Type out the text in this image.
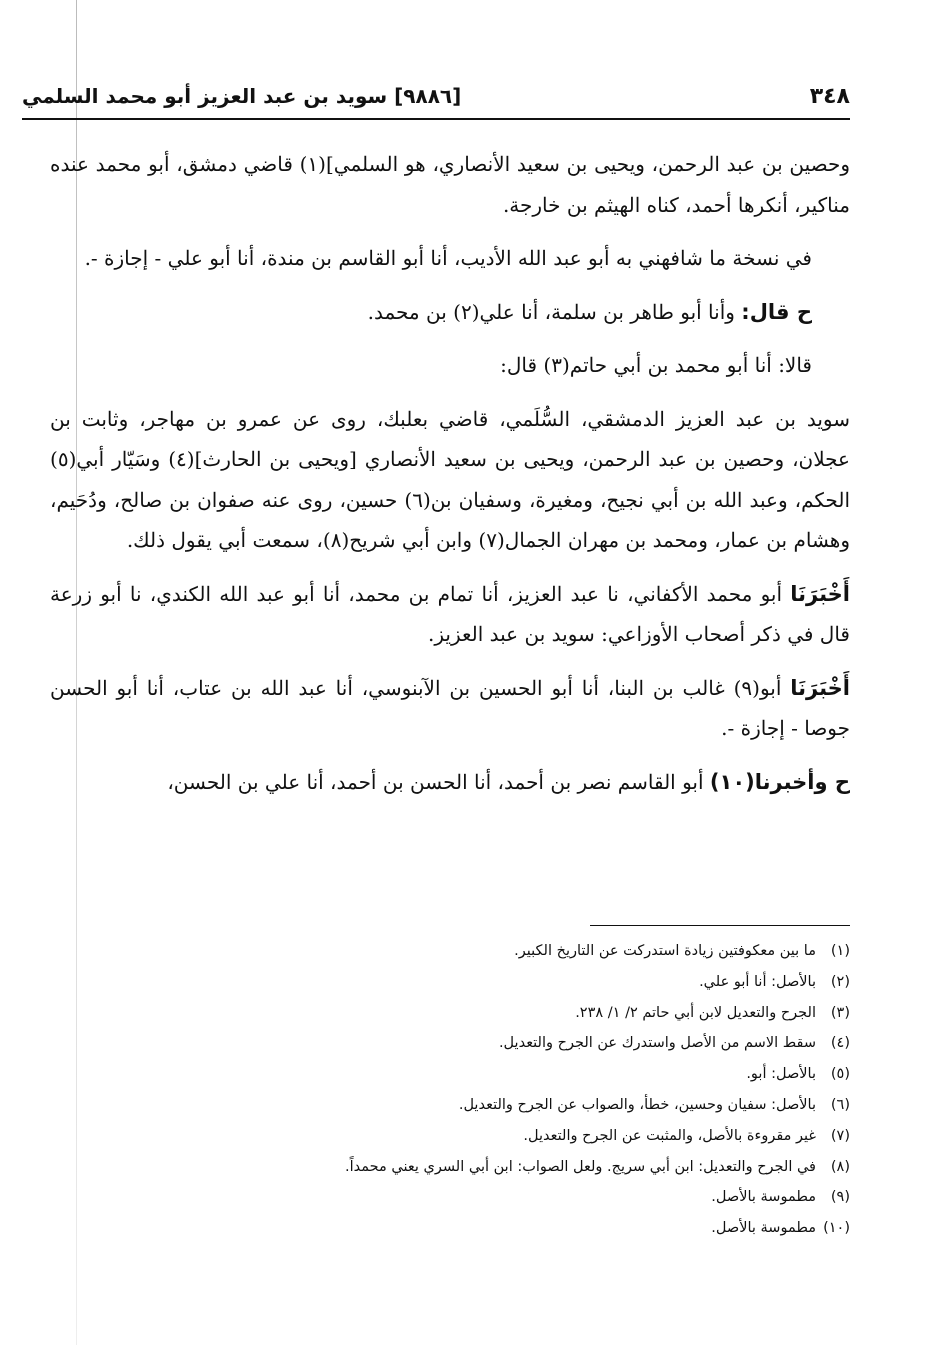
٣٤٨
[٩٨٨٦] سويد بن عبد العزيز أبو محمد السلمي

وحصين بن عبد الرحمن، ويحيى بن سعيد الأنصاري، هو السلمي](١) قاضي دمشق، أبو محمد عنده مناكير، أنكرها أحمد، كناه الهيثم بن خارجة.

في نسخة ما شافهني به أبو عبد الله الأديب، أنا أبو القاسم بن مندة، أنا أبو علي - إجازة -.

ح قال: وأنا أبو طاهر بن سلمة، أنا علي(٢) بن محمد.

قالا: أنا أبو محمد بن أبي حاتم(٣) قال:

سويد بن عبد العزيز الدمشقي، السُّلَمي، قاضي بعلبك، روى عن عمرو بن مهاجر، وثابت بن عجلان، وحصين بن عبد الرحمن، ويحيى بن سعيد الأنصاري [ويحيى بن الحارث](٤) وسَيّار أبي(٥) الحكم، وعبد الله بن أبي نجيح، ومغيرة، وسفيان بن(٦) حسين، روى عنه صفوان بن صالح، ودُحَيم، وهشام بن عمار، ومحمد بن مهران الجمال(٧) وابن أبي شريح(٨)، سمعت أبي يقول ذلك.

أَخْبَرَنَا أبو محمد الأكفاني، نا عبد العزيز، أنا تمام بن محمد، أنا أبو عبد الله الكندي، نا أبو زرعة قال في ذكر أصحاب الأوزاعي: سويد بن عبد العزيز.

أَخْبَرَنَا أبو(٩) غالب بن البنا، أنا أبو الحسين بن الآبنوسي، أنا عبد الله بن عتاب، أنا أبو الحسن جوصا - إجازة -.

ح وأخبرنا(١٠) أبو القاسم نصر بن أحمد، أنا الحسن بن أحمد، أنا علي بن الحسن،

(١)ما بين معكوفتين زيادة استدركت عن التاريخ الكبير.
(٢)بالأصل: أنا أبو علي.
(٣)الجرح والتعديل لابن أبي حاتم ٢/ ١/ ٢٣٨.
(٤)سقط الاسم من الأصل واستدرك عن الجرح والتعديل.
(٥)بالأصل: أبو.
(٦)بالأصل: سفيان وحسين، خطأ، والصواب عن الجرح والتعديل.
(٧)غير مقروءة بالأصل، والمثبت عن الجرح والتعديل.
(٨)في الجرح والتعديل: ابن أبي سريج. ولعل الصواب: ابن أبي السري يعني محمداً.
(٩)مطموسة بالأصل.
(١٠)مطموسة بالأصل.
